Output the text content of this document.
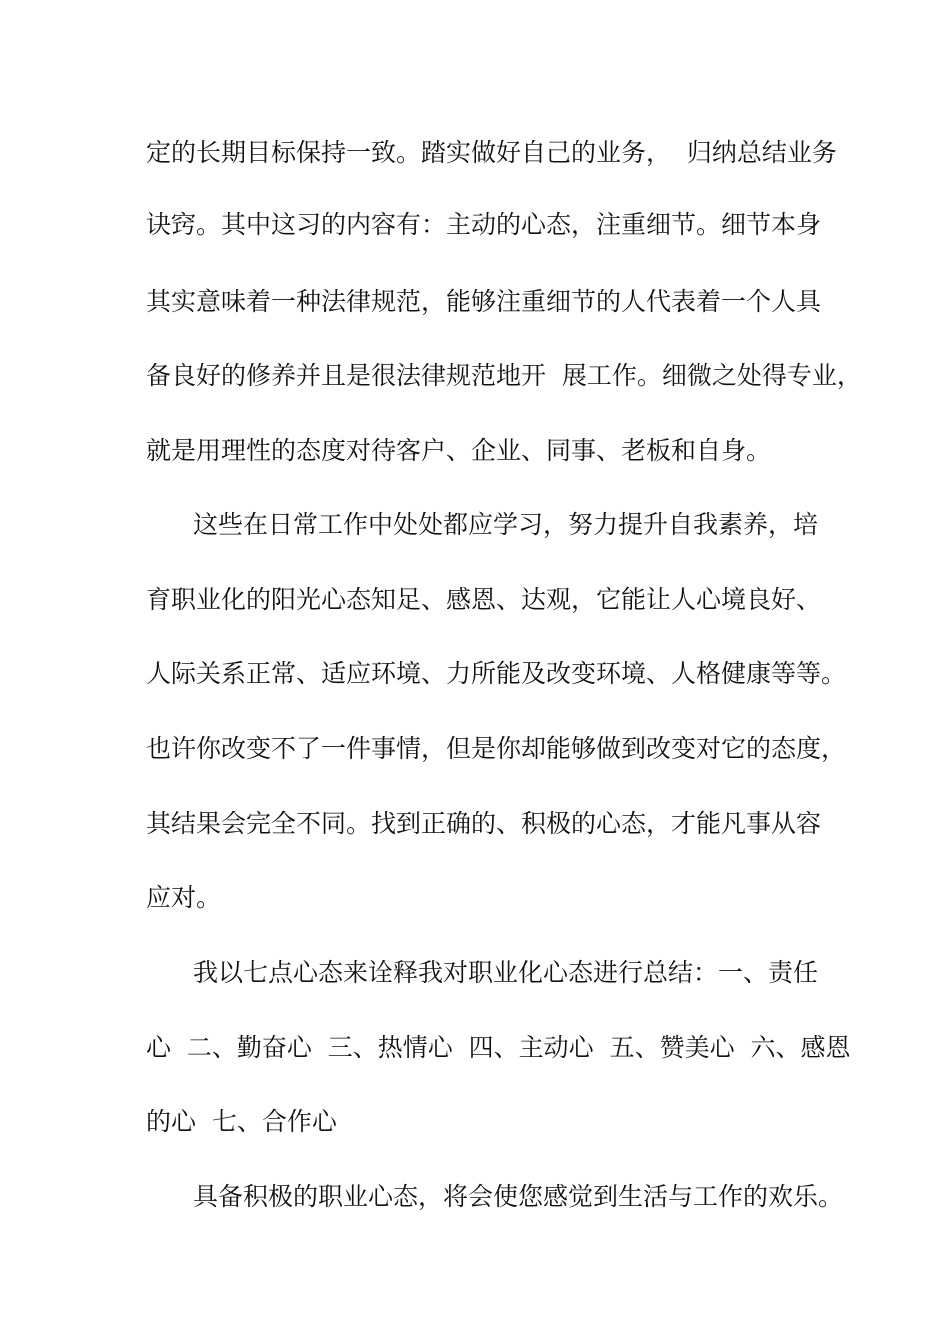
定的长期目标保持一致。踏实做好自己的业务，  归纳总结业务

诀窍。其中这习的内容有：主动的心态，注重细节。细节本身

其实意味着一种法律规范，能够注重细节的人代表着一个人具

备良好的修养并且是很法律规范地开  展工作。细微之处得专业，

就是用理性的态度对待客户、企业、同事、老板和自身。

这些在日常工作中处处都应学习，努力提升自我素养，培

育职业化的阳光心态知足、感恩、达观，它能让人心境良好、

人际关系正常、适应环境、力所能及改变环境、人格健康等等。

也许你改变不了一件事情，但是你却能够做到改变对它的态度，

其结果会完全不同。找到正确的、积极的心态，才能凡事从容

应对。

我以七点心态来诠释我对职业化心态进行总结：一、责任

心  二、勤奋心  三、热情心  四、主动心  五、赞美心  六、感恩

的心  七、合作心

具备积极的职业心态，将会使您感觉到生活与工作的欢乐。
